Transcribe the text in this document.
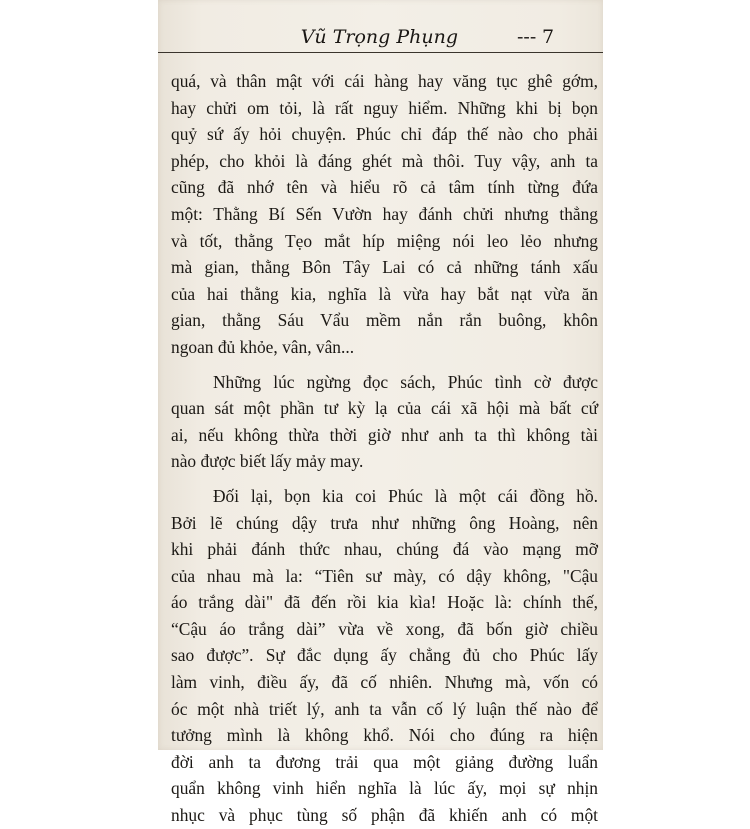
Vũ Trọng Phụng	--- 7
quá, và thân mật với cái hàng hay văng tục ghê gớm,
hay chửi om tỏi, là rất nguy hiểm. Những khi bị bọn
quỷ sứ ấy hỏi chuyện. Phúc chỉ đáp thế nào cho phải
phép, cho khỏi là đáng ghét mà thôi. Tuy vậy, anh ta
cũng đã nhớ tên và hiểu rõ cả tâm tính từng đứa
một: Thằng Bí Sến Vườn hay đánh chửi nhưng thẳng
và tốt, thằng Tẹo mắt híp miệng nói leo lẻo nhưng
mà gian, thằng Bôn Tây Lai có cả những tánh xấu
của hai thằng kia, nghĩa là vừa hay bắt nạt vừa ăn
gian, thằng Sáu Vẩu mềm nắn rắn buông, khôn
ngoan đủ khỏe, vân, vân...
Những lúc ngừng đọc sách, Phúc tình cờ được
quan sát một phần tư kỳ lạ của cái xã hội mà bất cứ
ai, nếu không thừa thời giờ như anh ta thì không tài
nào được biết lấy mảy may.
Đối lại, bọn kia coi Phúc là một cái đồng hồ.
Bởi lẽ chúng dậy trưa như những ông Hoàng, nên
khi phải đánh thức nhau, chúng đá vào mạng mỡ
của nhau mà la: “Tiên sư mày, có dậy không, "Cậu
áo trắng dài" đã đến rồi kia kìa! Hoặc là: chính thế,
“Cậu áo trắng dài” vừa về xong, đã bốn giờ chiều
sao được”. Sự đắc dụng ấy chẳng đủ cho Phúc lấy
làm vinh, điều ấy, đã cố nhiên. Nhưng mà, vốn có
óc một nhà triết lý, anh ta vẫn cố lý luận thế nào để
tưởng mình là không khổ. Nói cho đúng ra hiện
đời anh ta đương trải qua một giảng đường luẩn
quẩn không vinh hiển nghĩa là lúc ấy, mọi sự nhịn
nhục và phục tùng số phận đã khiến anh có một
